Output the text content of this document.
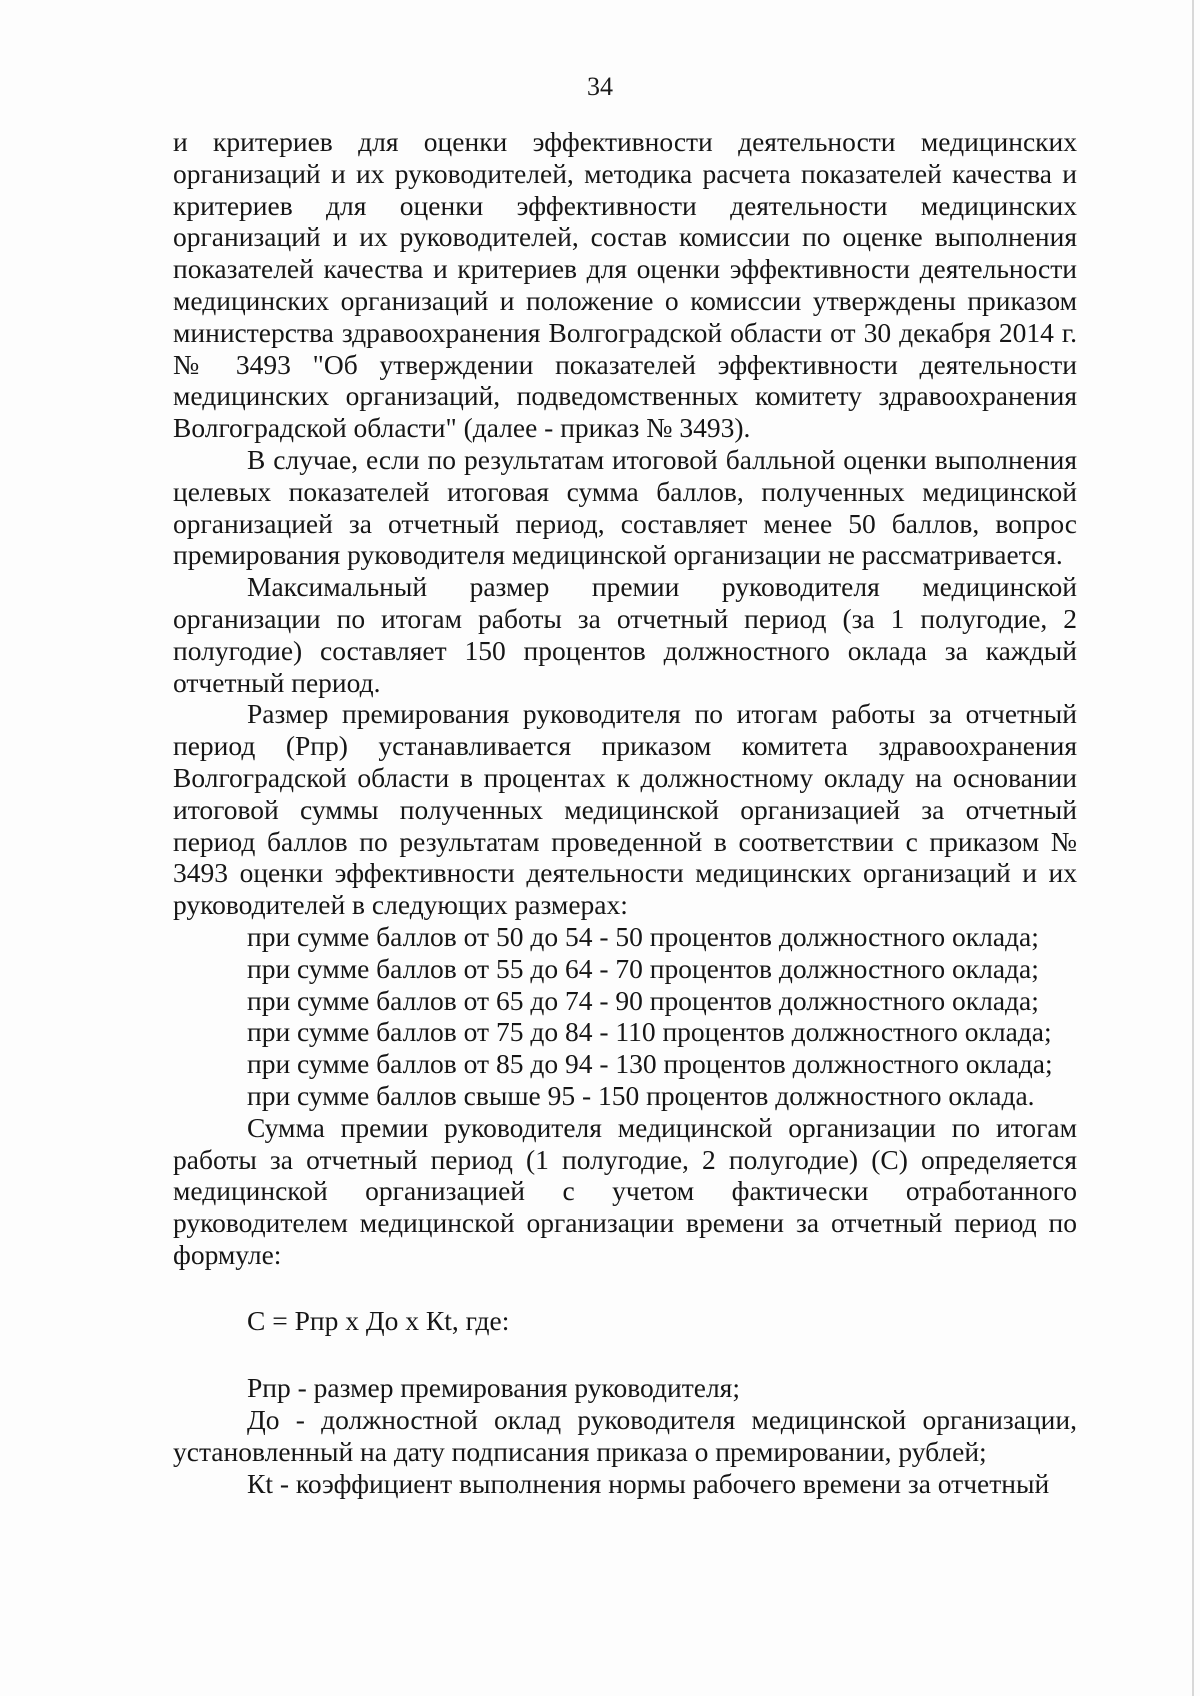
34

и критериев для оценки эффективности деятельности медицинских организаций и их руководителей, методика расчета показателей качества и критериев для оценки эффективности деятельности медицинских организаций и их руководителей, состав комиссии по оценке выполнения показателей качества и критериев для оценки эффективности деятельности медицинских организаций и положение о комиссии утверждены приказом министерства здравоохранения Волгоградской области от 30 декабря 2014 г. № 3493 "Об утверждении показателей эффективности деятельности медицинских организаций, подведомственных комитету здравоохранения Волгоградской области" (далее - приказ № 3493).

В случае, если по результатам итоговой балльной оценки выполнения целевых показателей итоговая сумма баллов, полученных медицинской организацией за отчетный период, составляет менее 50 баллов, вопрос премирования руководителя медицинской организации не рассматривается.

Максимальный размер премии руководителя медицинской организации по итогам работы за отчетный период (за 1 полугодие, 2 полугодие) составляет 150 процентов должностного оклада за каждый отчетный период.

Размер премирования руководителя по итогам работы за отчетный период (Рпр) устанавливается приказом комитета здравоохранения Волгоградской области в процентах к должностному окладу на основании итоговой суммы полученных медицинской организацией за отчетный период баллов по результатам проведенной в соответствии с приказом № 3493 оценки эффективности деятельности медицинских организаций и их руководителей в следующих размерах:

при сумме баллов от 50 до 54 - 50 процентов должностного оклада;

при сумме баллов от 55 до 64 - 70 процентов должностного оклада;

при сумме баллов от 65 до 74 - 90 процентов должностного оклада;

при сумме баллов от 75 до 84 - 110 процентов должностного оклада;

при сумме баллов от 85 до 94 - 130 процентов должностного оклада;

при сумме баллов свыше 95 - 150 процентов должностного оклада.

Сумма премии руководителя медицинской организации по итогам работы за отчетный период (1 полугодие, 2 полугодие) (С) определяется медицинской организацией с учетом фактически отработанного руководителем медицинской организации времени за отчетный период по формуле:

С = Рпр x До x Кt, где:

Рпр - размер премирования руководителя;

До - должностной оклад руководителя медицинской организации, установленный на дату подписания приказа о премировании, рублей;

Кt - коэффициент выполнения нормы рабочего времени за отчетный
